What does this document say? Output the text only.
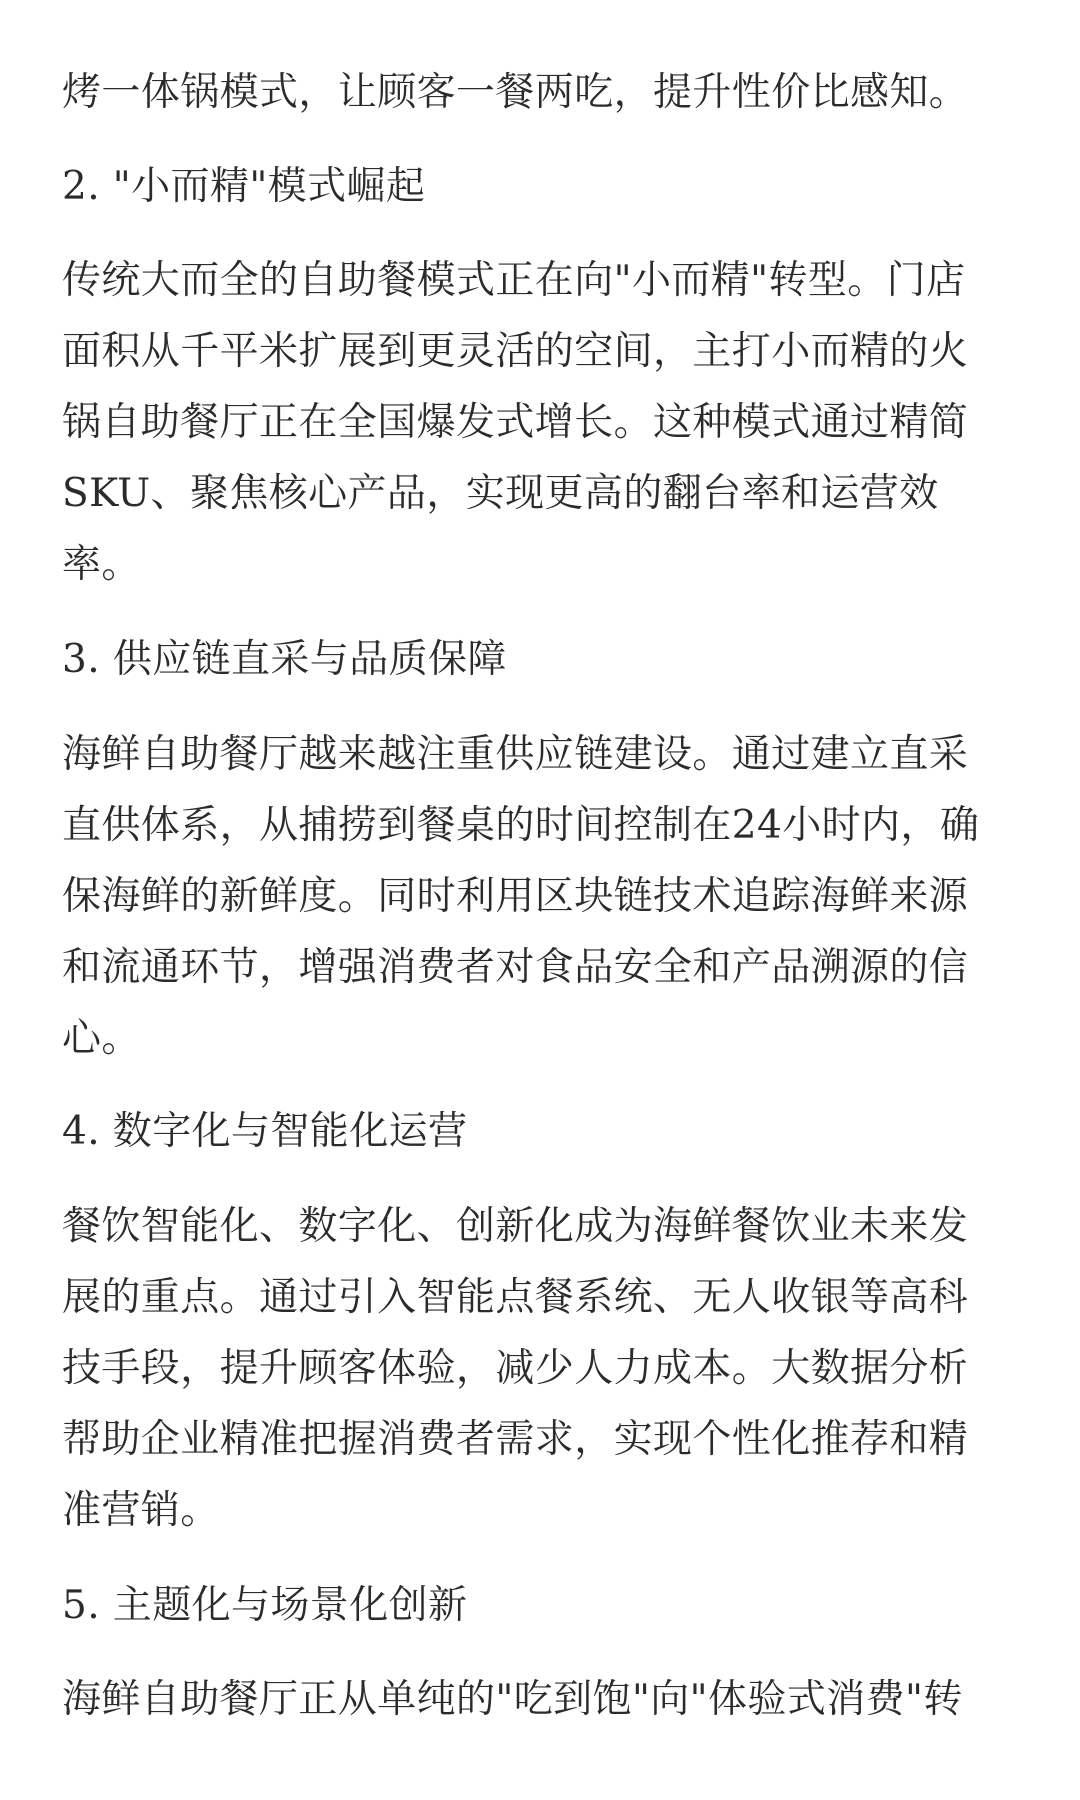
烤一体锅模式，让顾客一餐两吃，提升性价比感知。
2. "小而精"模式崛起
传统大而全的自助餐模式正在向"小而精"转型。门店
面积从千平米扩展到更灵活的空间，主打小而精的火
锅自助餐厅正在全国爆发式增长。这种模式通过精简
SKU、聚焦核心产品，实现更高的翻台率和运营效
率。
3. 供应链直采与品质保障
海鲜自助餐厅越来越注重供应链建设。通过建立直采
直供体系，从捕捞到餐桌的时间控制在24小时内，确
保海鲜的新鲜度。同时利用区块链技术追踪海鲜来源
和流通环节，增强消费者对食品安全和产品溯源的信
心。
4. 数字化与智能化运营
餐饮智能化、数字化、创新化成为海鲜餐饮业未来发
展的重点。通过引入智能点餐系统、无人收银等高科
技手段，提升顾客体验，减少人力成本。大数据分析
帮助企业精准把握消费者需求，实现个性化推荐和精
准营销。
5. 主题化与场景化创新
海鲜自助餐厅正从单纯的"吃到饱"向"体验式消费"转
